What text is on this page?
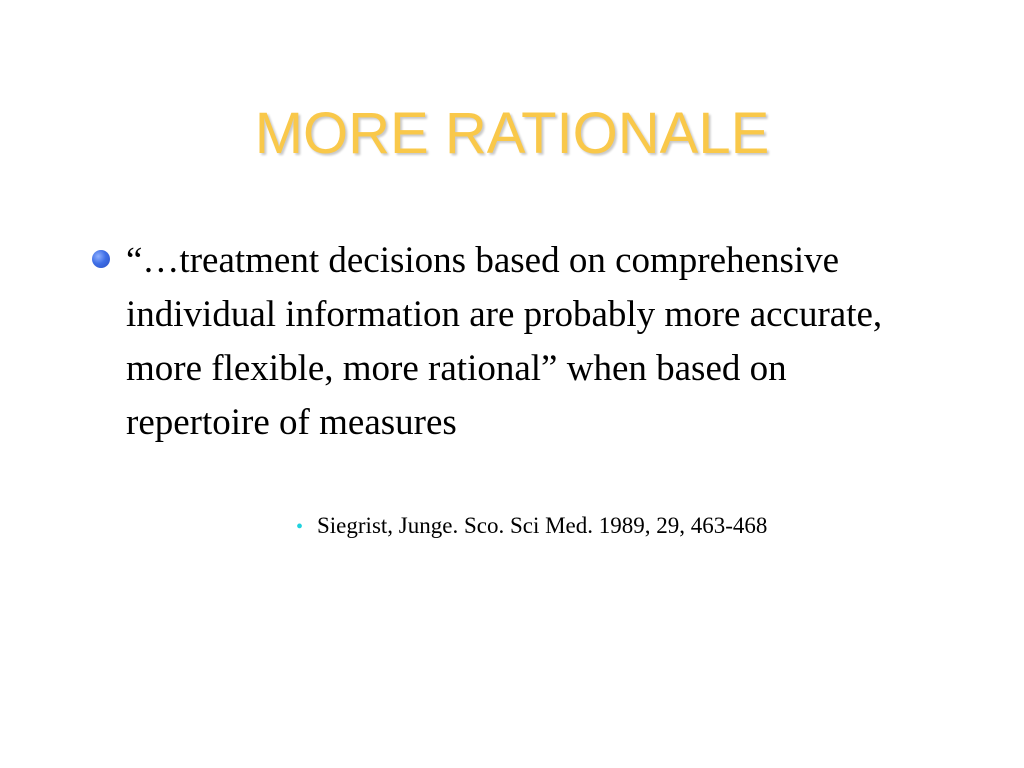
MORE RATIONALE
“…treatment decisions based on comprehensive individual information are probably more accurate, more flexible, more rational” when based on repertoire of measures
• Siegrist, Junge. Sco. Sci Med. 1989, 29, 463-468
